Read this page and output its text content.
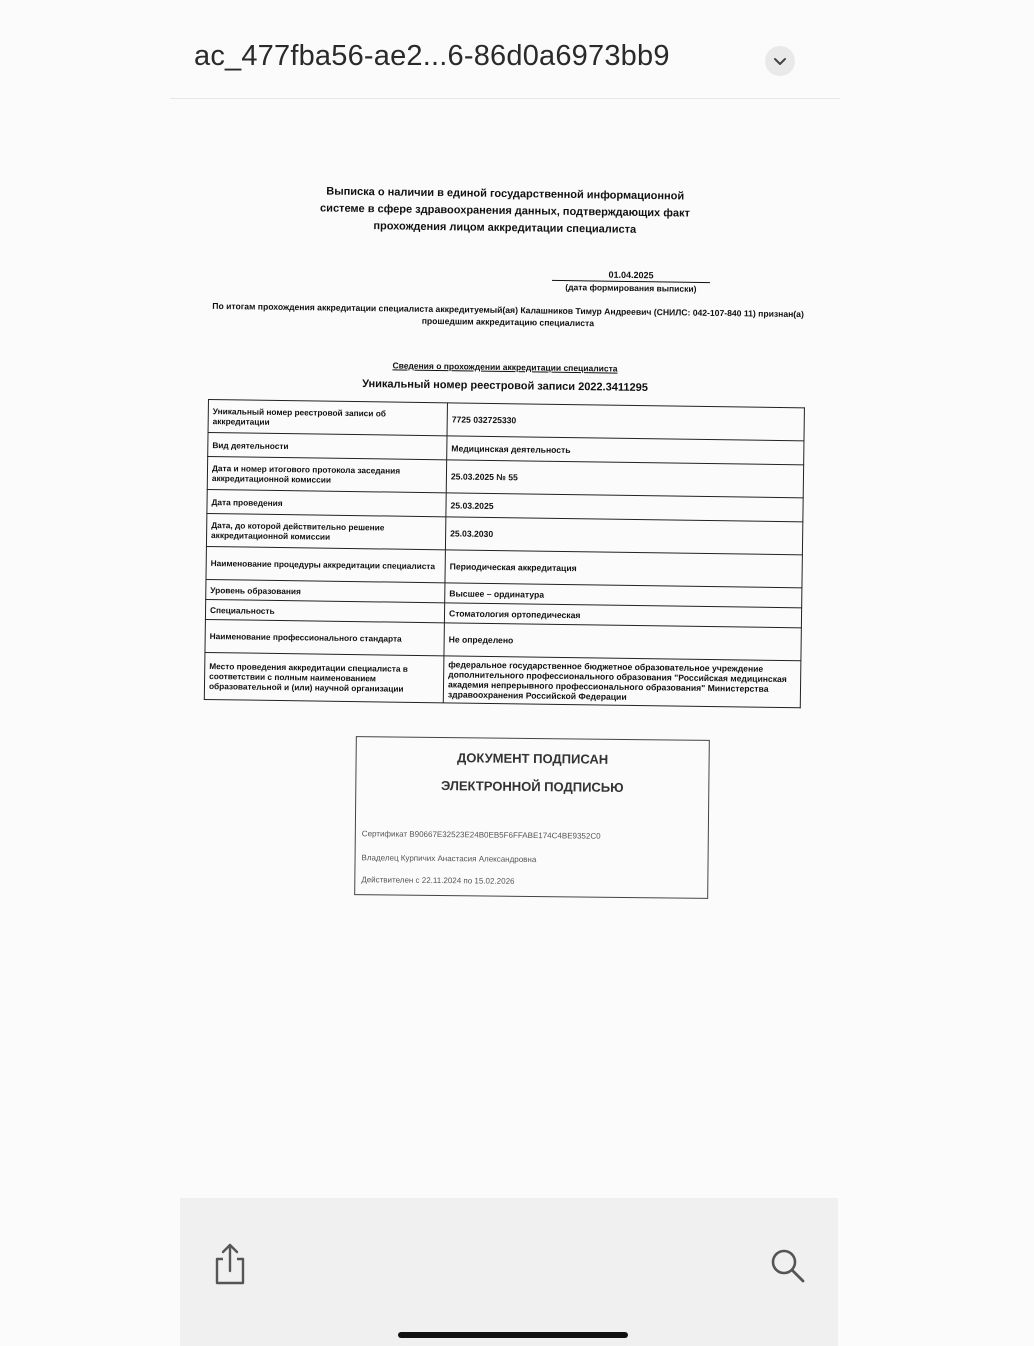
ac_477fba56-ae2...6-86d0a6973bb9
Выписка о наличии в единой государственной информационной
системе в сфере здравоохранения данных, подтверждающих факт
прохождения лицом аккредитации специалиста
01.04.2025
(дата формирования выписки)
По итогам прохождения аккредитации специалиста аккредитуемый(ая) Калашников Тимур Андреевич (СНИЛС: 042-107-840 11) признан(а) прошедшим аккредитацию специалиста
Сведения о прохождении аккредитации специалиста
Уникальный номер реестровой записи 2022.3411295
Уникальный номер реестровой записи об аккредитации	7725 032725330
Вид деятельности	Медицинская деятельность
Дата и номер итогового протокола заседания аккредитационной комиссии	25.03.2025 № 55
Дата проведения	25.03.2025
Дата, до которой действительно решение аккредитационной комиссии	25.03.2030
Наименование процедуры аккредитации специалиста	Периодическая аккредитация
Уровень образования	Высшее – ординатура
Специальность	Стоматология ортопедическая
Наименование профессионального стандарта	Не определено
Место проведения аккредитации специалиста в соответствии с полным наименованием образовательной и (или) научной организации	федеральное государственное бюджетное образовательное учреждение дополнительного профессионального образования "Российская медицинская академия непрерывного профессионального образования" Министерства здравоохранения Российской Федерации
ДОКУМЕНТ ПОДПИСАН
ЭЛЕКТРОННОЙ ПОДПИСЬЮ
Сертификат B90667E32523E24B0EB5F6FFABE174C4BE9352C0
Владелец Курпичих Анастасия Александровна
Действителен с 22.11.2024 по 15.02.2026
